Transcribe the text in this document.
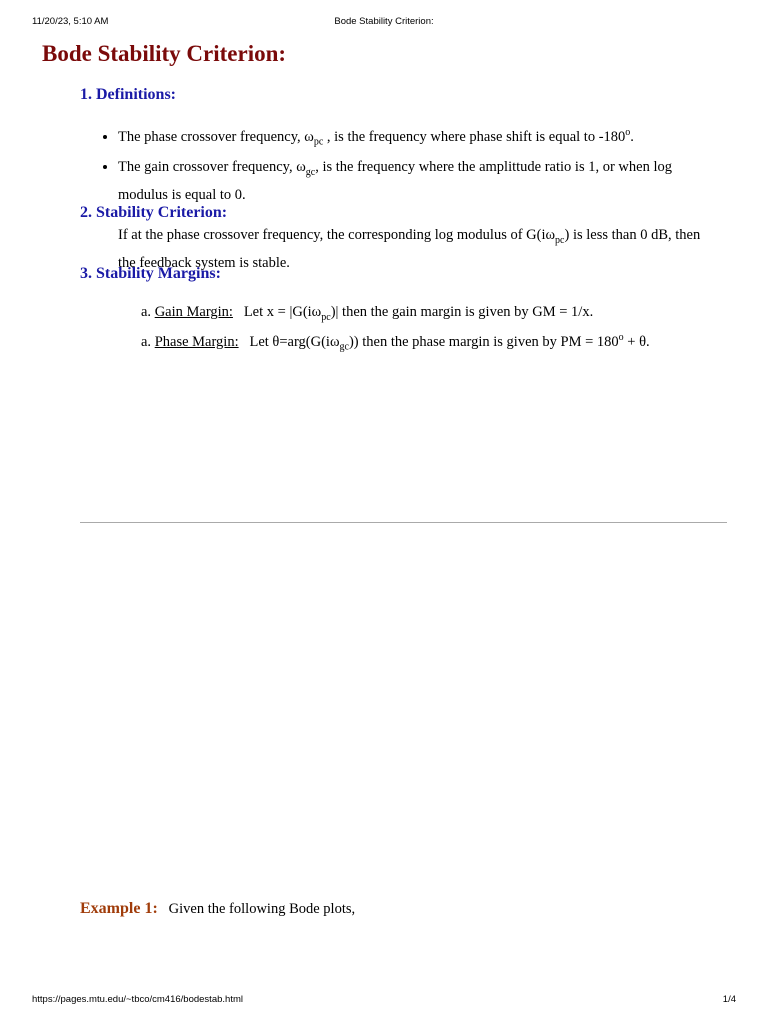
11/20/23, 5:10 AM	Bode Stability Criterion:
Bode Stability Criterion:
1. Definitions:
• The phase crossover frequency, $\omega_{pc}$ , is the frequency where phase shift is equal to -180$^o$.
• The gain crossover frequency, $\omega_{gc}$, is the frequency where the amplittude ratio is 1, or when log modulus is equal to 0.
2. Stability Criterion:
If at the phase crossover frequency, the corresponding log modulus of $G(i\omega_{pc})$ is less than 0 dB, then the feedback system is stable.
3. Stability Margins:
a. Gain Margin:   Let $x = |G(i\omega_{pc})|$ then the gain margin is given by GM = 1/x.
a. Phase Margin:   Let $\theta=arg(G(i\omega_{gc}))$ then the phase margin is given by PM = $180^o + \theta$.
Example 1:   Given the following Bode plots,
https://pages.mtu.edu/~tbco/cm416/bodestab.html	1/4
